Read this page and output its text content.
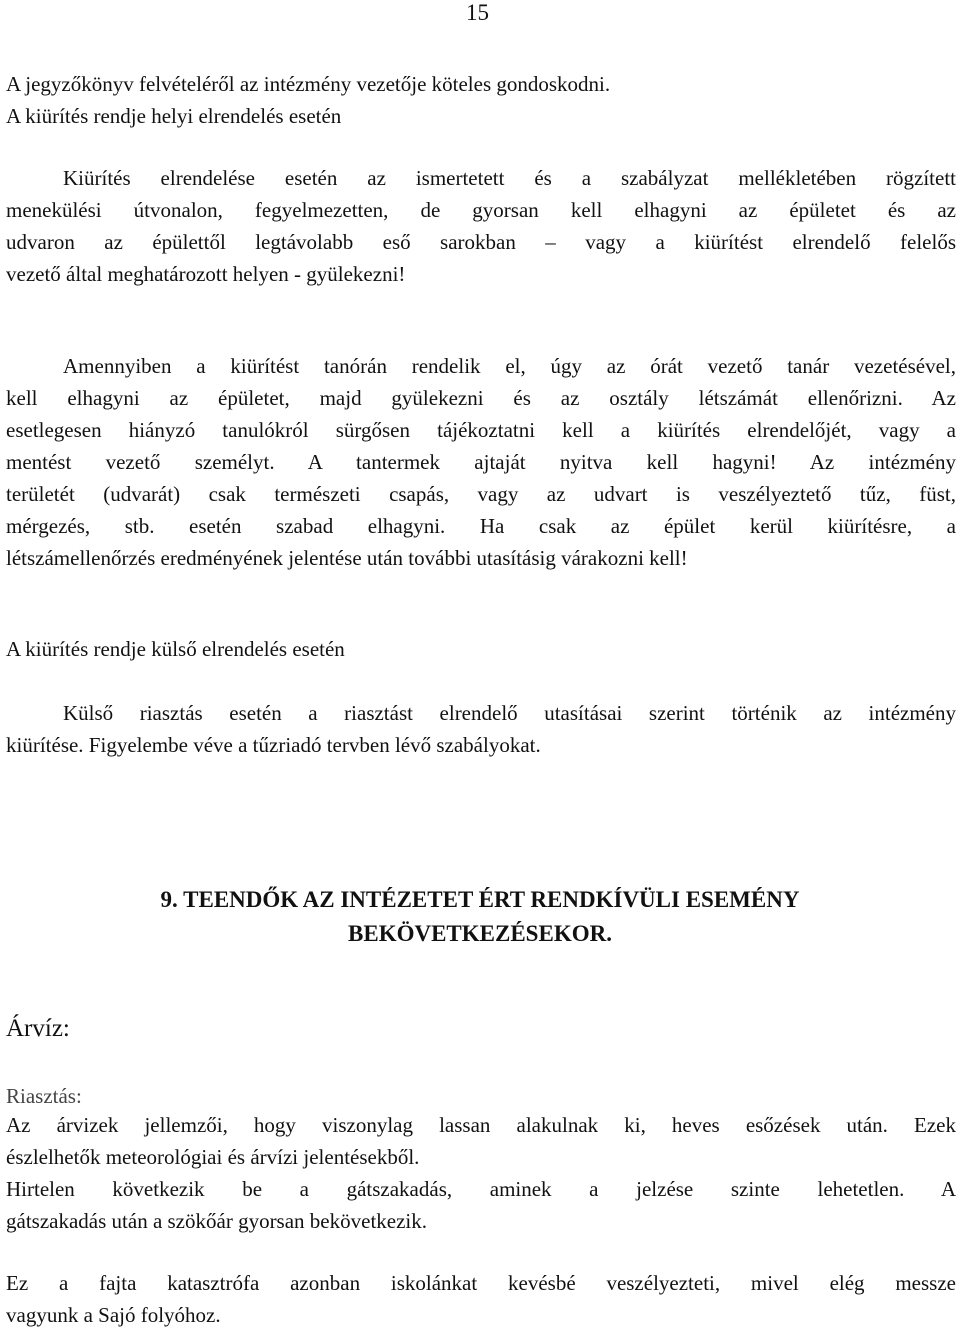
15
A jegyzőkönyv felvételéről az intézmény vezetője köteles gondoskodni.
A kiürítés rendje helyi elrendelés esetén
Kiürítés elrendelése esetén az ismertetett és a szabályzat mellékletében rögzített
menekülési útvonalon, fegyelmezetten, de gyorsan kell elhagyni az épületet és az
udvaron az épülettől legtávolabb eső sarokban – vagy a kiürítést elrendelő felelős
vezető által meghatározott helyen - gyülekezni!
Amennyiben a kiürítést tanórán rendelik el, úgy az órát vezető tanár vezetésével,
kell elhagyni az épületet, majd gyülekezni és az osztály létszámát ellenőrizni. Az
esetlegesen hiányzó tanulókról sürgősen tájékoztatni kell a kiürítés elrendelőjét, vagy a
mentést vezető személyt. A tantermek ajtaját nyitva kell hagyni! Az intézmény
területét (udvarát) csak természeti csapás, vagy az udvart is veszélyeztető tűz, füst,
mérgezés, stb. esetén szabad elhagyni. Ha csak az épület kerül kiürítésre, a
létszámellenőrzés eredményének jelentése után további utasításig várakozni kell!
A kiürítés rendje külső elrendelés esetén
Külső riasztás esetén a riasztást elrendelő utasításai szerint történik az intézmény
kiürítése. Figyelembe véve a tűzriadó tervben lévő szabályokat.
9. TEENDŐK AZ INTÉZETET ÉRT RENDKÍVÜLI ESEMÉNY
BEKÖVETKEZÉSEKOR.
Árvíz:
Riasztás:
Az árvizek jellemzői, hogy viszonylag lassan alakulnak ki, heves esőzések után. Ezek
észlelhetők meteorológiai és árvízi jelentésekből.
Hirtelen következik be a gátszakadás, aminek a jelzése szinte lehetetlen. A
gátszakadás után a szökőár gyorsan bekövetkezik.
Ez a fajta katasztrófa azonban iskolánkat kevésbé veszélyezteti, mivel elég messze
vagyunk a Sajó folyóhoz.
